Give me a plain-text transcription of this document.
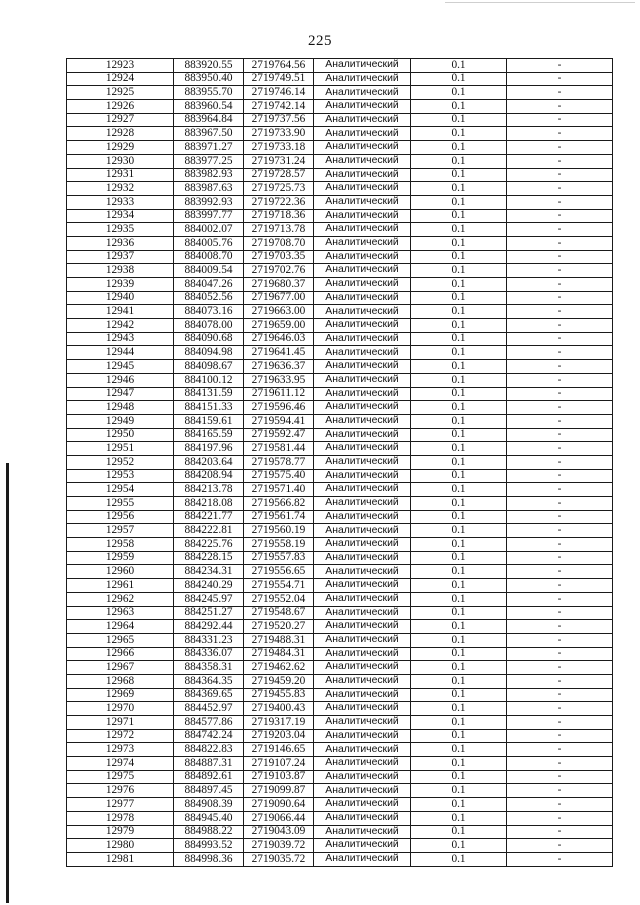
225
12923	883920.55	2719764.56	Аналитический	0.1	-
12924	883950.40	2719749.51	Аналитический	0.1	-
12925	883955.70	2719746.14	Аналитический	0.1	-
12926	883960.54	2719742.14	Аналитический	0.1	-
12927	883964.84	2719737.56	Аналитический	0.1	-
12928	883967.50	2719733.90	Аналитический	0.1	-
12929	883971.27	2719733.18	Аналитический	0.1	-
12930	883977.25	2719731.24	Аналитический	0.1	-
12931	883982.93	2719728.57	Аналитический	0.1	-
12932	883987.63	2719725.73	Аналитический	0.1	-
12933	883992.93	2719722.36	Аналитический	0.1	-
12934	883997.77	2719718.36	Аналитический	0.1	-
12935	884002.07	2719713.78	Аналитический	0.1	-
12936	884005.76	2719708.70	Аналитический	0.1	-
12937	884008.70	2719703.35	Аналитический	0.1	-
12938	884009.54	2719702.76	Аналитический	0.1	-
12939	884047.26	2719680.37	Аналитический	0.1	-
12940	884052.56	2719677.00	Аналитический	0.1	-
12941	884073.16	2719663.00	Аналитический	0.1	-
12942	884078.00	2719659.00	Аналитический	0.1	-
12943	884090.68	2719646.03	Аналитический	0.1	-
12944	884094.98	2719641.45	Аналитический	0.1	-
12945	884098.67	2719636.37	Аналитический	0.1	-
12946	884100.12	2719633.95	Аналитический	0.1	-
12947	884131.59	2719611.12	Аналитический	0.1	-
12948	884151.33	2719596.46	Аналитический	0.1	-
12949	884159.61	2719594.41	Аналитический	0.1	-
12950	884165.59	2719592.47	Аналитический	0.1	-
12951	884197.96	2719581.44	Аналитический	0.1	-
12952	884203.64	2719578.77	Аналитический	0.1	-
12953	884208.94	2719575.40	Аналитический	0.1	-
12954	884213.78	2719571.40	Аналитический	0.1	-
12955	884218.08	2719566.82	Аналитический	0.1	-
12956	884221.77	2719561.74	Аналитический	0.1	-
12957	884222.81	2719560.19	Аналитический	0.1	-
12958	884225.76	2719558.19	Аналитический	0.1	-
12959	884228.15	2719557.83	Аналитический	0.1	-
12960	884234.31	2719556.65	Аналитический	0.1	-
12961	884240.29	2719554.71	Аналитический	0.1	-
12962	884245.97	2719552.04	Аналитический	0.1	-
12963	884251.27	2719548.67	Аналитический	0.1	-
12964	884292.44	2719520.27	Аналитический	0.1	-
12965	884331.23	2719488.31	Аналитический	0.1	-
12966	884336.07	2719484.31	Аналитический	0.1	-
12967	884358.31	2719462.62	Аналитический	0.1	-
12968	884364.35	2719459.20	Аналитический	0.1	-
12969	884369.65	2719455.83	Аналитический	0.1	-
12970	884452.97	2719400.43	Аналитический	0.1	-
12971	884577.86	2719317.19	Аналитический	0.1	-
12972	884742.24	2719203.04	Аналитический	0.1	-
12973	884822.83	2719146.65	Аналитический	0.1	-
12974	884887.31	2719107.24	Аналитический	0.1	-
12975	884892.61	2719103.87	Аналитический	0.1	-
12976	884897.45	2719099.87	Аналитический	0.1	-
12977	884908.39	2719090.64	Аналитический	0.1	-
12978	884945.40	2719066.44	Аналитический	0.1	-
12979	884988.22	2719043.09	Аналитический	0.1	-
12980	884993.52	2719039.72	Аналитический	0.1	-
12981	884998.36	2719035.72	Аналитический	0.1	-
